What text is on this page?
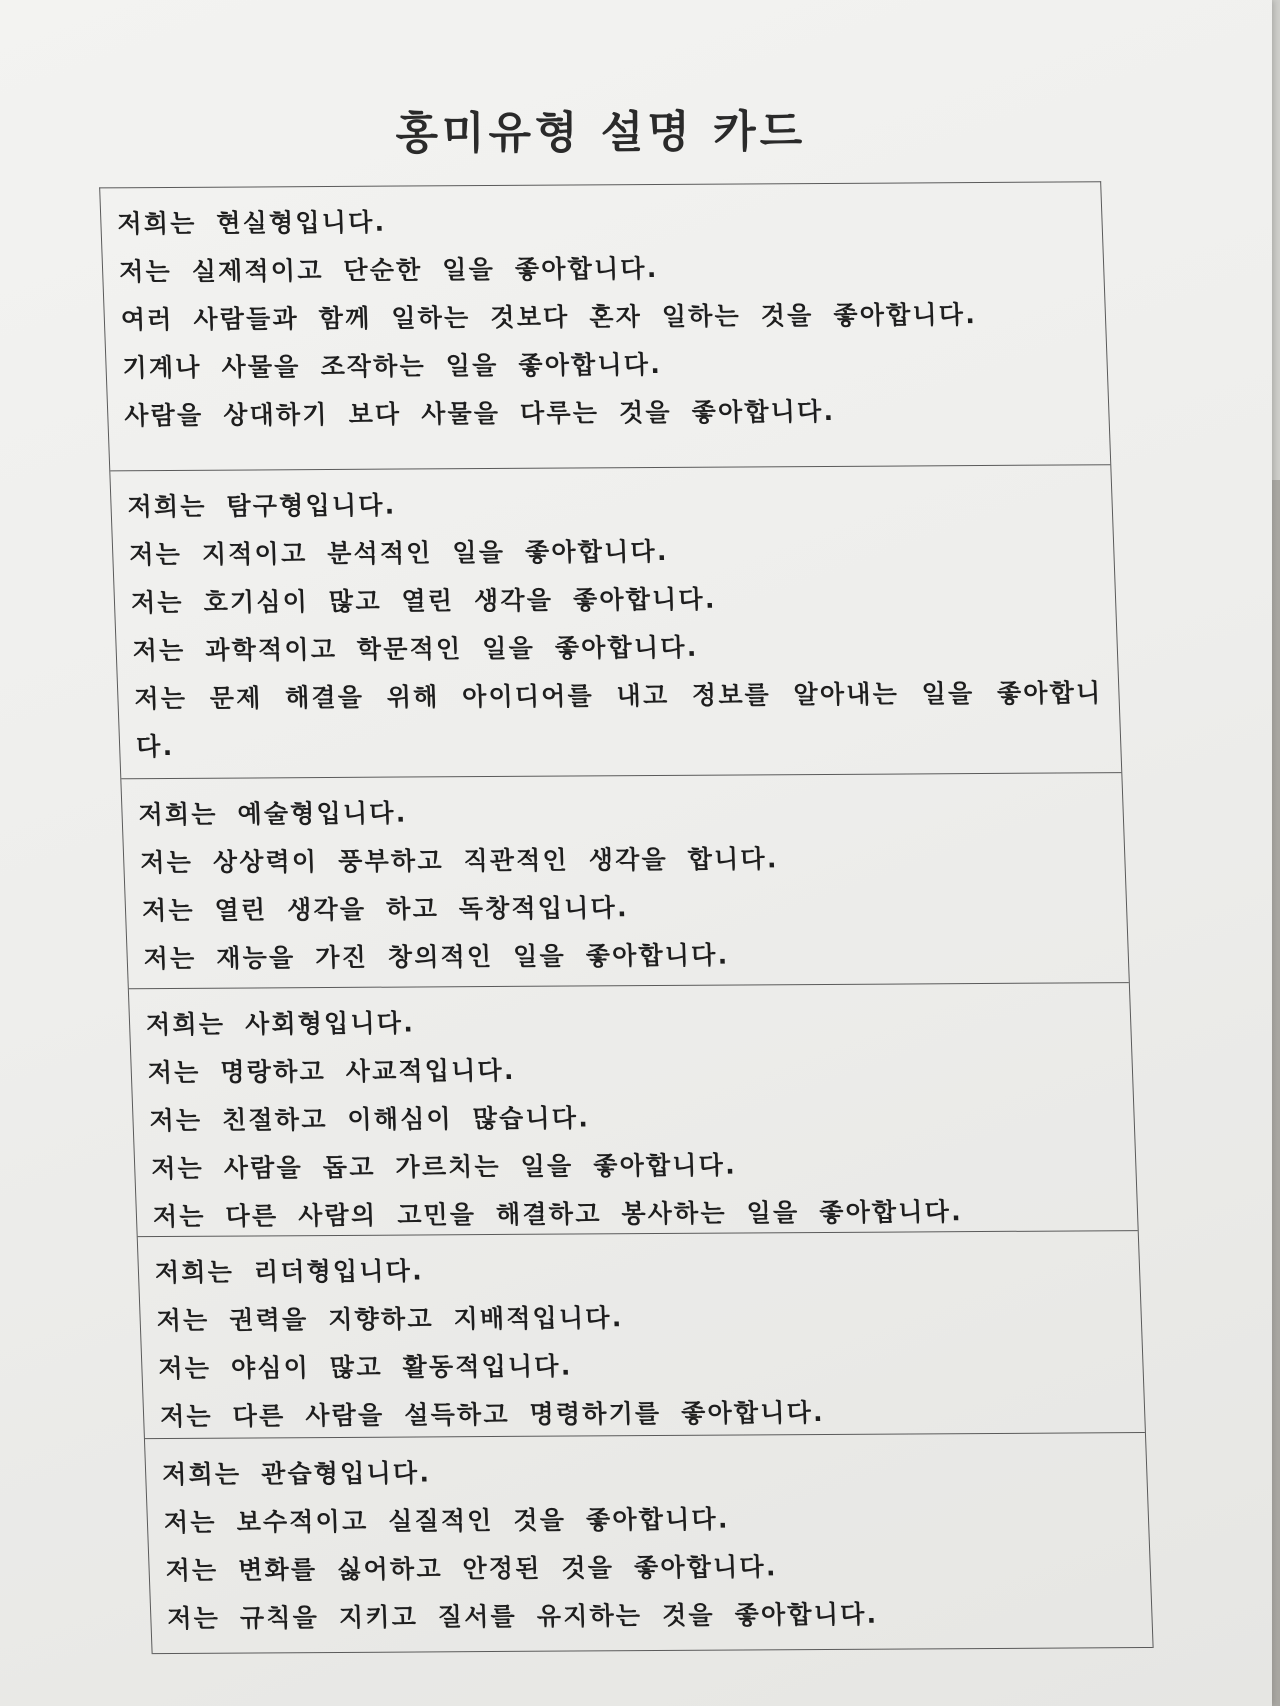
홍미유형 설명 카드
저희는 현실형입니다.
저는 실제적이고 단순한 일을 좋아합니다.
여러 사람들과 함께 일하는 것보다 혼자 일하는 것을 좋아합니다.
기계나 사물을 조작하는 일을 좋아합니다.
사람을 상대하기 보다 사물을 다루는 것을 좋아합니다.
저희는 탐구형입니다.
저는 지적이고 분석적인 일을 좋아합니다.
저는 호기심이 많고 열린 생각을 좋아합니다.
저는 과학적이고 학문적인 일을 좋아합니다.
저는 문제 해결을 위해 아이디어를 내고 정보를 알아내는 일을 좋아합니 다.
저희는 예술형입니다.
저는 상상력이 풍부하고 직관적인 생각을 합니다.
저는 열린 생각을 하고 독창적입니다.
저는 재능을 가진 창의적인 일을 좋아합니다.
저희는 사회형입니다.
저는 명랑하고 사교적입니다.
저는 친절하고 이해심이 많습니다.
저는 사람을 돕고 가르치는 일을 좋아합니다.
저는 다른 사람의 고민을 해결하고 봉사하는 일을 좋아합니다.
저희는 리더형입니다.
저는 권력을 지향하고 지배적입니다.
저는 야심이 많고 활동적입니다.
저는 다른 사람을 설득하고 명령하기를 좋아합니다.
저희는 관습형입니다.
저는 보수적이고 실질적인 것을 좋아합니다.
저는 변화를 싫어하고 안정된 것을 좋아합니다.
저는 규칙을 지키고 질서를 유지하는 것을 좋아합니다.
